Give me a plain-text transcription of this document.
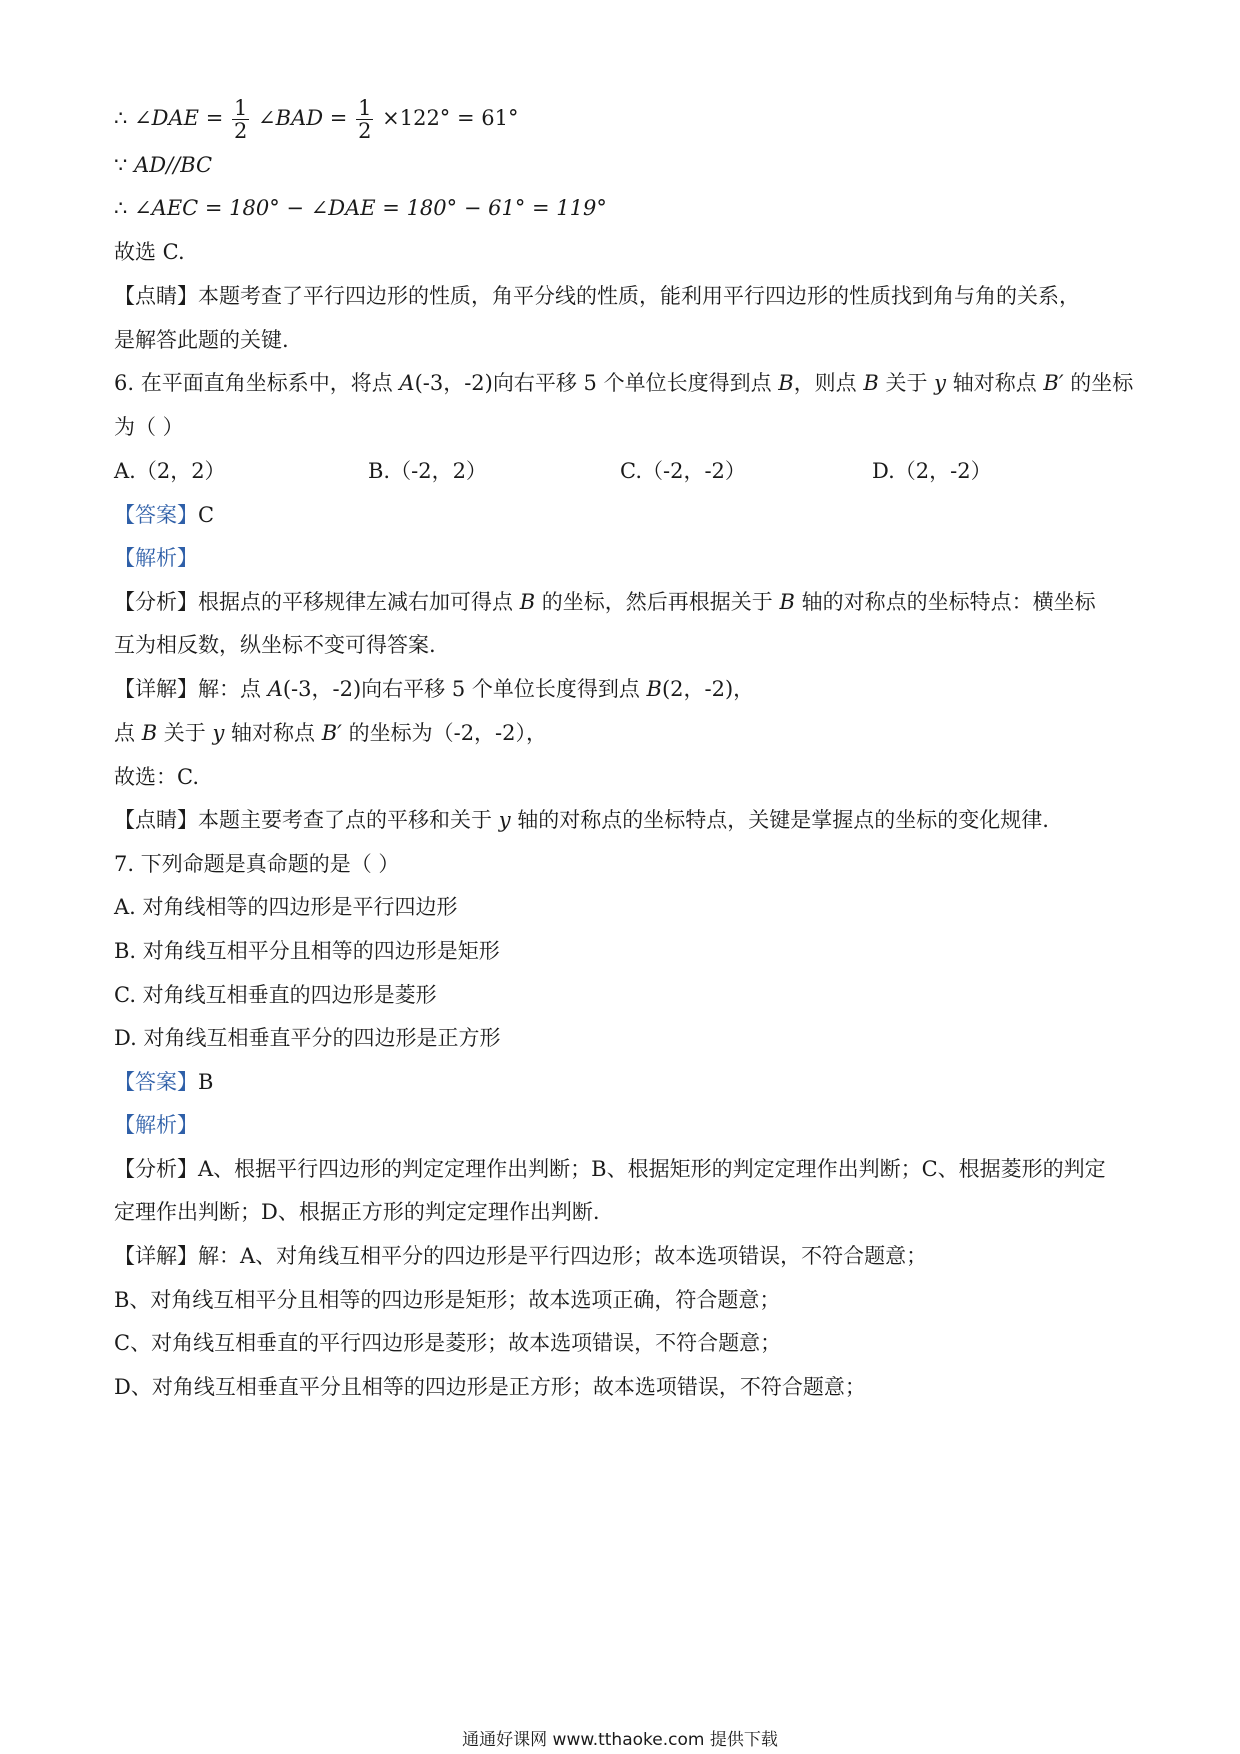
∴ ∠DAE = $\frac{1}{2}$ ∠BAD = $\frac{1}{2} \times 122^\circ = 61^\circ$
∵ AD//BC
∴ ∠AEC = 180° − ∠DAE = 180° − 61° = 119°
故选 C.
【点睛】本题考查了平行四边形的性质，角平分线的性质，能利用平行四边形的性质找到角与角的关系，
是解答此题的关键.
6. 在平面直角坐标系中，将点 A(-3，-2)向右平移 5 个单位长度得到点 B，则点 B 关于 y 轴对称点 B′ 的坐标
为（ ）
A.（2，2）	B.（-2，2）	C.（-2，-2）	D.（2，-2）
【答案】C
【解析】
【分析】根据点的平移规律左减右加可得点 B 的坐标，然后再根据关于 B 轴的对称点的坐标特点：横坐标
互为相反数，纵坐标不变可得答案.
【详解】解：点 A(-3，-2)向右平移 5 个单位长度得到点 B(2，-2)，
点 B 关于 y 轴对称点 B′ 的坐标为（-2，-2），
故选：C.
【点睛】本题主要考查了点的平移和关于 y 轴的对称点的坐标特点，关键是掌握点的坐标的变化规律.
7. 下列命题是真命题的是（ ）
A. 对角线相等的四边形是平行四边形
B. 对角线互相平分且相等的四边形是矩形
C. 对角线互相垂直的四边形是菱形
D. 对角线互相垂直平分的四边形是正方形
【答案】B
【解析】
【分析】A、根据平行四边形的判定定理作出判断；B、根据矩形的判定定理作出判断；C、根据菱形的判定
定理作出判断；D、根据正方形的判定定理作出判断.
【详解】解：A、对角线互相平分的四边形是平行四边形；故本选项错误，不符合题意；
B、对角线互相平分且相等的四边形是矩形；故本选项正确，符合题意；
C、对角线互相垂直的平行四边形是菱形；故本选项错误，不符合题意；
D、对角线互相垂直平分且相等的四边形是正方形；故本选项错误，不符合题意；
通通好课网 www.tthaoke.com 提供下载
